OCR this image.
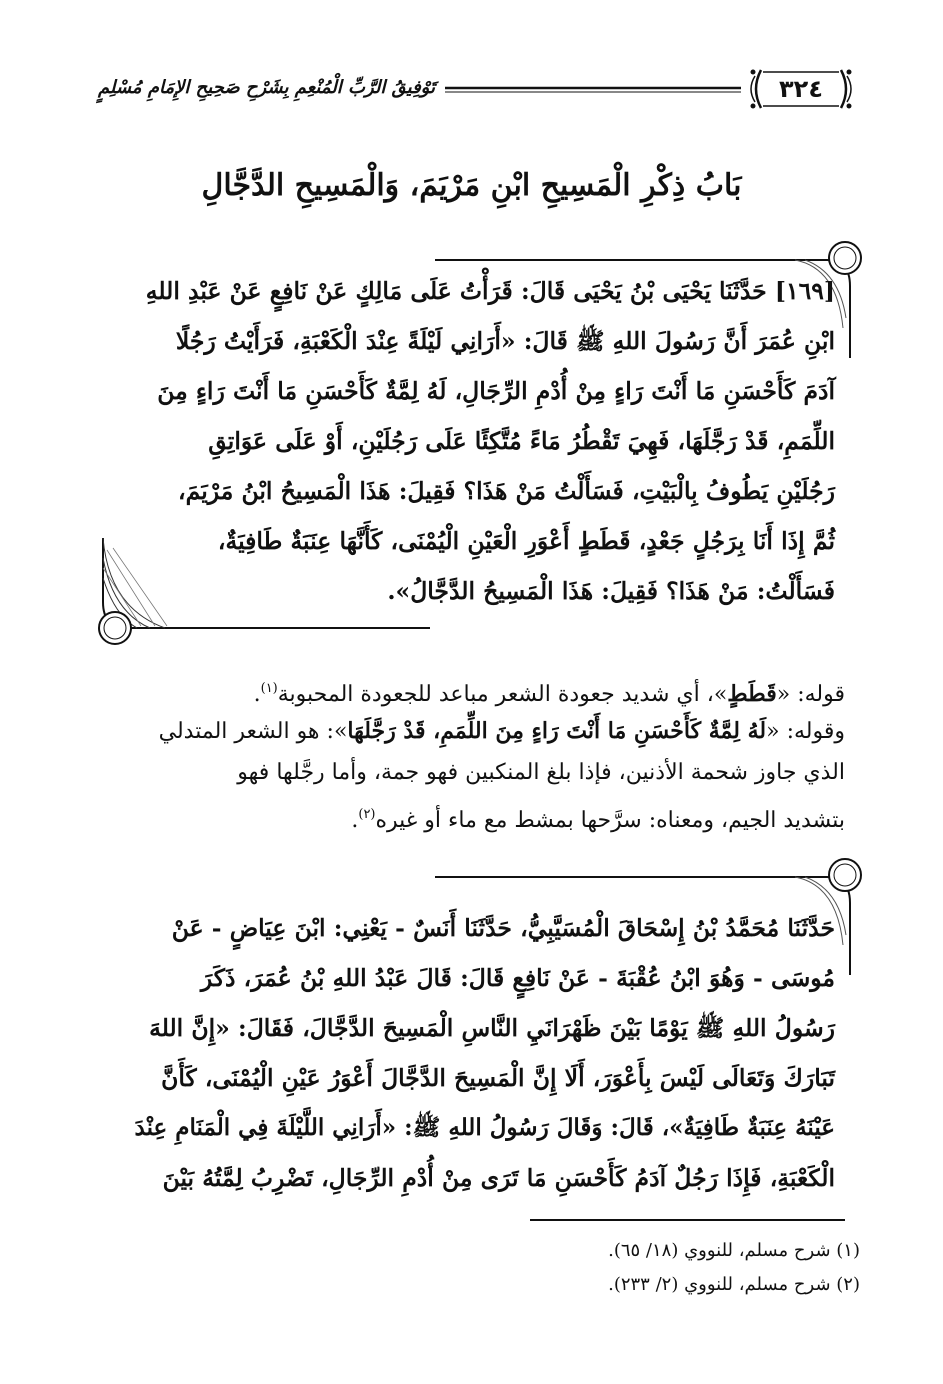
تَوْفِيقُ الرَّبِّ الْمُنْعِمِ بِشَرْحِ صَحِيحِ الإِمَامِ مُسْلِمٍ	٣٢٤
بَابُ ذِكْرِ الْمَسِيحِ ابْنِ مَرْيَمَ، وَالْمَسِيحِ الدَّجَّالِ
[١٦٩] حَدَّثَنَا يَحْيَى بْنُ يَحْيَى قَالَ: قَرَأْتُ عَلَى مَالِكٍ عَنْ نَافِعٍ عَنْ عَبْدِ اللهِ
ابْنِ عُمَرَ أَنَّ رَسُولَ اللهِ ﷺ قَالَ: «أَرَانِي لَيْلَةً عِنْدَ الْكَعْبَةِ، فَرَأَيْتُ رَجُلًا
آدَمَ كَأَحْسَنِ مَا أَنْتَ رَاءٍ مِنْ أُدْمِ الرِّجَالِ، لَهُ لِمَّةٌ كَأَحْسَنِ مَا أَنْتَ رَاءٍ مِنَ
اللِّمَمِ، قَدْ رَجَّلَهَا، فَهِيَ تَقْطُرُ مَاءً مُتَّكِئًا عَلَى رَجُلَيْنِ، أَوْ عَلَى عَوَاتِقِ
رَجُلَيْنِ يَطُوفُ بِالْبَيْتِ، فَسَأَلْتُ مَنْ هَذَا؟ فَقِيلَ: هَذَا الْمَسِيحُ ابْنُ مَرْيَمَ،
ثُمَّ إِذَا أَنَا بِرَجُلٍ جَعْدٍ، قَطَطٍ أَعْوَرِ الْعَيْنِ الْيُمْنَى، كَأَنَّهَا عِنَبَةٌ طَافِيَةٌ،
فَسَأَلْتُ: مَنْ هَذَا؟ فَقِيلَ: هَذَا الْمَسِيحُ الدَّجَّالُ».
قوله: «قَطَطٍ»، أي شديد جعودة الشعر مباعد للجعودة المحبوبة$^{(١)}$.
وقوله: «لَهُ لِمَّةٌ كَأَحْسَنِ مَا أَنْتَ رَاءٍ مِنَ اللِّمَمِ، قَدْ رَجَّلَهَا»: هو الشعر المتدلي
الذي جاوز شحمة الأذنين، فإذا بلغ المنكبين فهو جمة، وأما رجَّلها فهو
بتشديد الجيم، ومعناه: سرَّحها بمشط مع ماء أو غيره$^{(٢)}$.
حَدَّثَنَا مُحَمَّدُ بْنُ إِسْحَاقَ الْمُسَيَّبِيُّ، حَدَّثَنَا أَنَسٌ - يَعْنِي: ابْنَ عِيَاضٍ - عَنْ
مُوسَى - وَهُوَ ابْنُ عُقْبَةَ - عَنْ نَافِعٍ قَالَ: قَالَ عَبْدُ اللهِ بْنُ عُمَرَ، ذَكَرَ
رَسُولُ اللهِ ﷺ يَوْمًا بَيْنَ ظَهْرَانَيِ النَّاسِ الْمَسِيحَ الدَّجَّالَ، فَقَالَ: «إِنَّ اللهَ
تَبَارَكَ وَتَعَالَى لَيْسَ بِأَعْوَرَ، أَلَا إِنَّ الْمَسِيحَ الدَّجَّالَ أَعْوَرُ عَيْنِ الْيُمْنَى، كَأَنَّ
عَيْنَهُ عِنَبَةٌ طَافِيَةٌ»، قَالَ: وَقَالَ رَسُولُ اللهِ ﷺ: «أَرَانِي اللَّيْلَةَ فِي الْمَنَامِ عِنْدَ
الْكَعْبَةِ، فَإِذَا رَجُلٌ آدَمُ كَأَحْسَنِ مَا تَرَى مِنْ أُدْمِ الرِّجَالِ، تَضْرِبُ لِمَّتُهُ بَيْنَ
(١) شرح مسلم، للنووي (١٨/ ٦٥).
(٢) شرح مسلم، للنووي (٢/ ٢٣٣).
